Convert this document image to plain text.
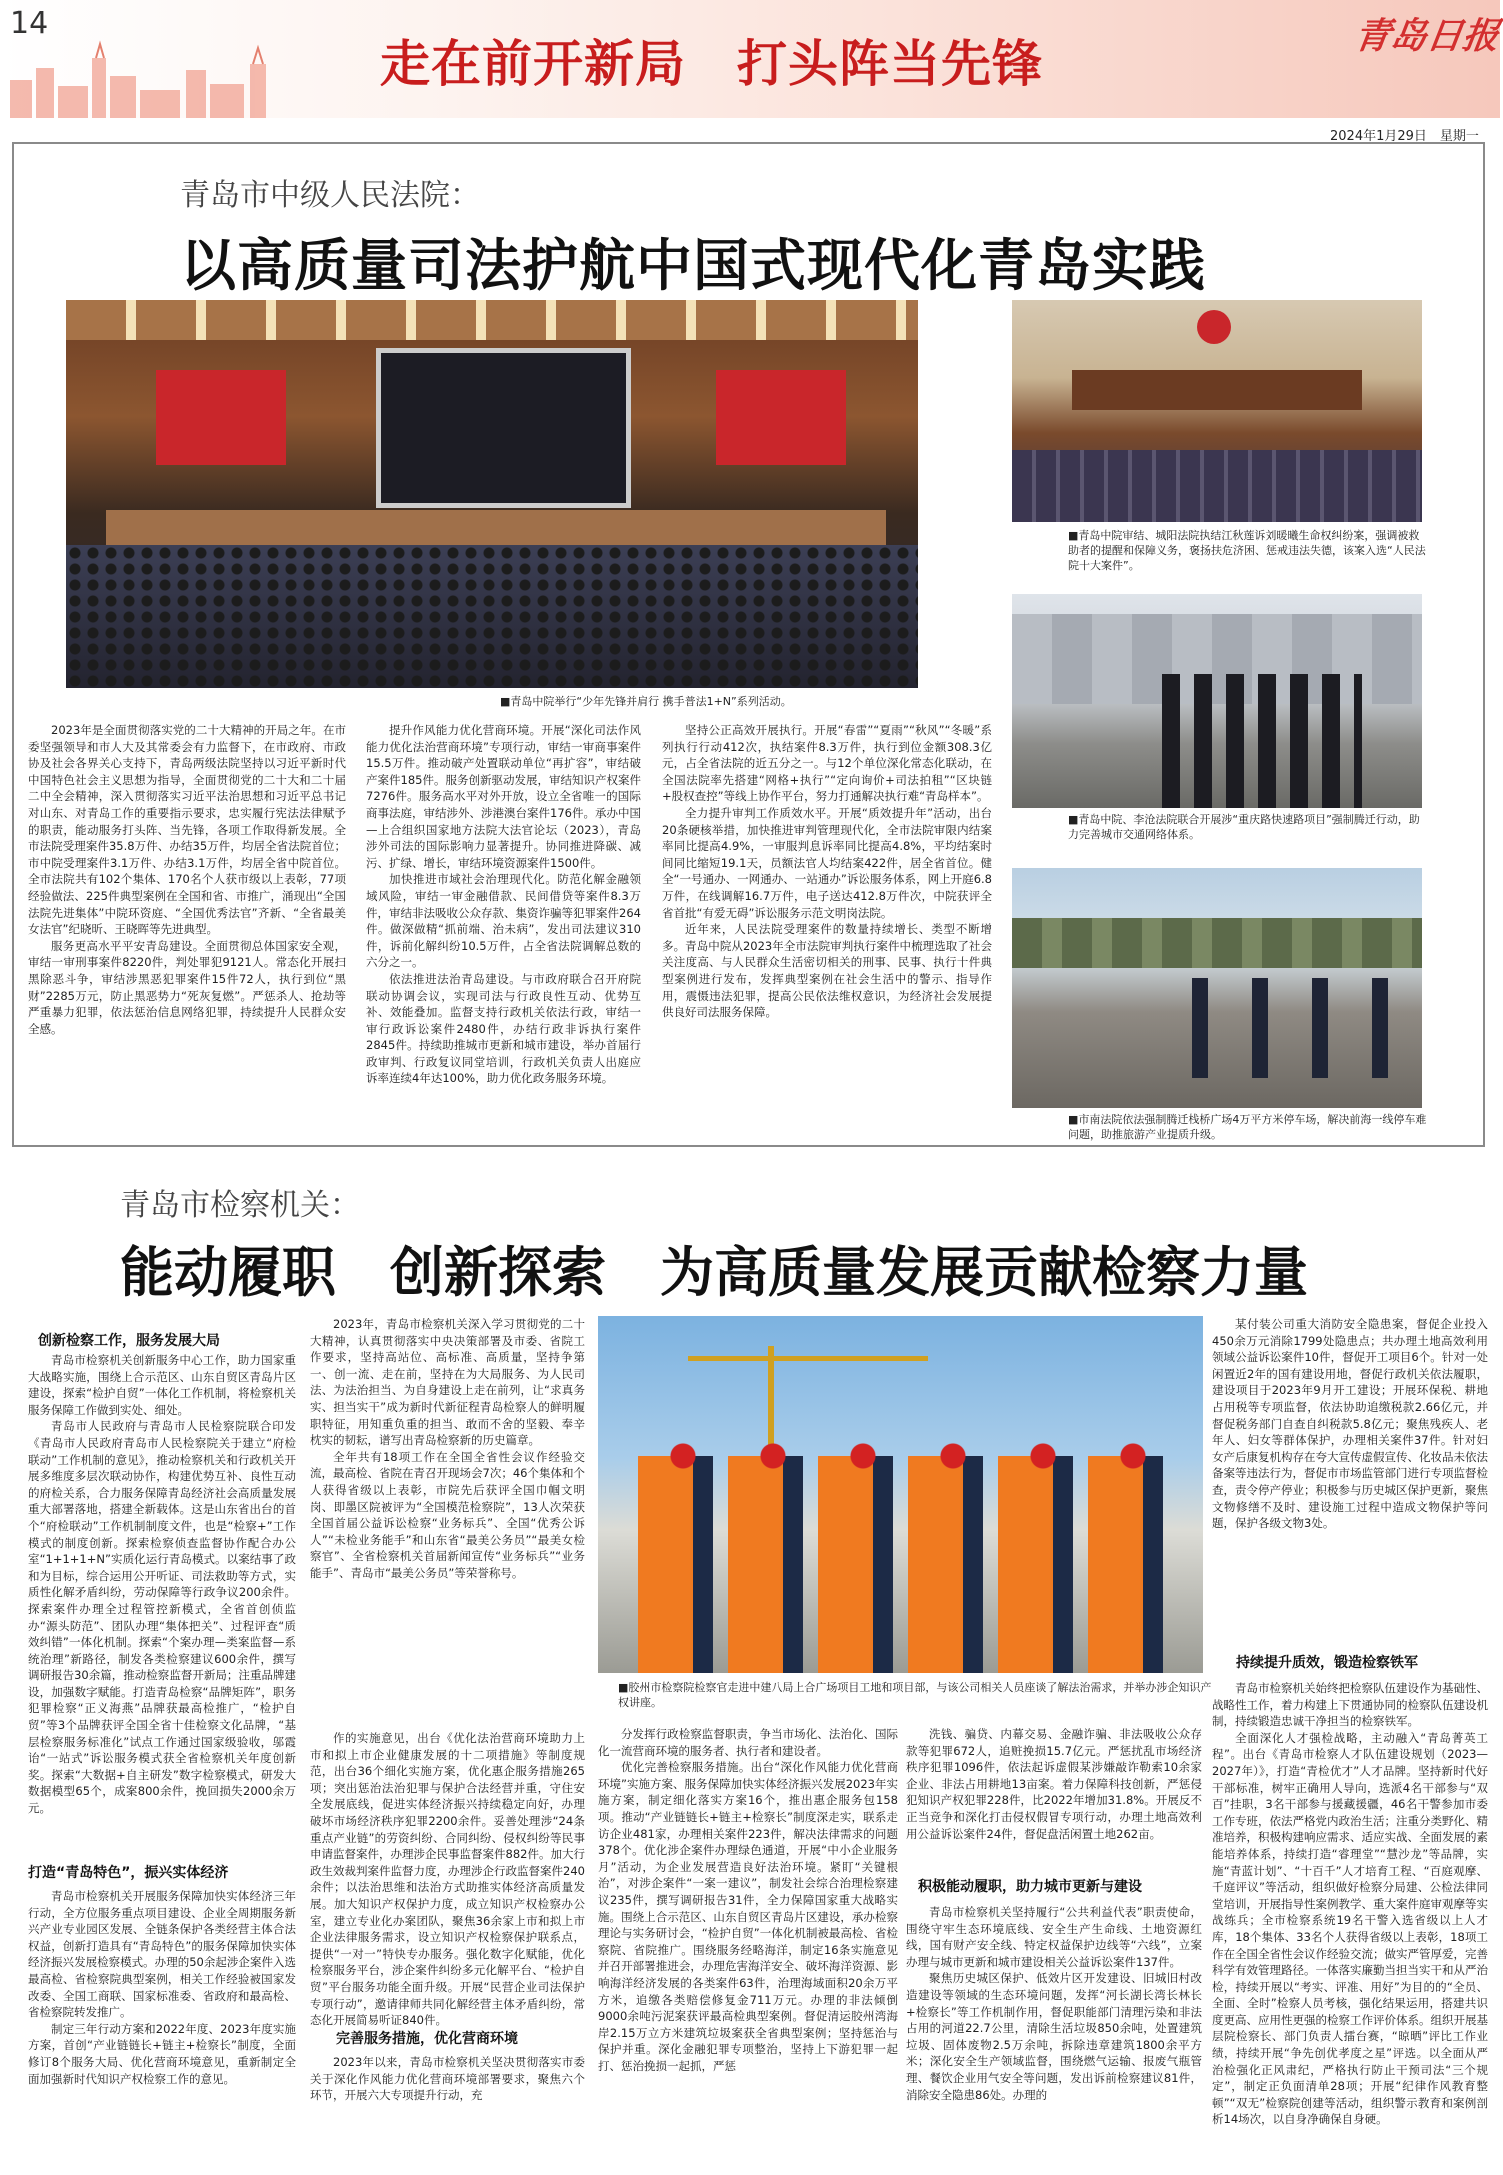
14
走在前开新局　打头阵当先锋	青岛日报
2024年1月29日　星期一
青岛市中级人民法院：
以高质量司法护航中国式现代化青岛实践
■青岛中院举行“少年先锋并肩行 携手普法1+N”系列活动。
■青岛中院审结、城阳法院执结江秋莲诉刘暖曦生命权纠纷案，强调被救助者的提醒和保障义务，褒扬扶危济困、惩戒违法失德，该案入选“人民法院十大案件”。
■青岛中院、李沧法院联合开展涉“重庆路快速路项目”强制腾迁行动，助力完善城市交通网络体系。
■市南法院依法强制腾迁栈桥广场4万平方米停车场，解决前海一线停车难问题，助推旅游产业提质升级。

2023年是全面贯彻落实党的二十大精神的开局之年。在市委坚强领导和市人大及其常委会有力监督下，在市政府、市政协及社会各界关心支持下，青岛两级法院坚持以习近平新时代中国特色社会主义思想为指导，全面贯彻党的二十大和二十届二中全会精神，深入贯彻落实习近平法治思想和习近平总书记对山东、对青岛工作的重要指示要求，忠实履行宪法法律赋予的职责，能动服务打头阵、当先锋，各项工作取得新发展。全市法院受理案件35.8万件、办结35万件，均居全省法院首位；市中院受理案件3.1万件、办结3.1万件，均居全省中院首位。全市法院共有102个集体、170名个人获市级以上表彰，77项经验做法、225件典型案例在全国和省、市推广，涌现出“全国法院先进集体”中院环资庭、“全国优秀法官”齐新、“全省最美女法官”纪晓昕、王晓晖等先进典型。

服务更高水平平安青岛建设。全面贯彻总体国家安全观，审结一审刑事案件8220件，判处罪犯9121人。常态化开展扫黑除恶斗争，审结涉黑恶犯罪案件15件72人，执行到位“黑财”2285万元，防止黑恶势力“死灰复燃”。严惩杀人、抢劫等严重暴力犯罪，依法惩治信息网络犯罪，持续提升人民群众安全感。

提升作风能力优化营商环境。开展“深化司法作风能力优化法治营商环境”专项行动，审结一审商事案件15.5万件。推动破产处置联动单位“再扩容”，审结破产案件185件。服务创新驱动发展，审结知识产权案件7276件。服务高水平对外开放，设立全省唯一的国际商事法庭，审结涉外、涉港澳台案件176件。承办中国—上合组织国家地方法院大法官论坛（2023），青岛涉外司法的国际影响力显著提升。协同推进降碳、减污、扩绿、增长，审结环境资源案件1500件。

加快推进市域社会治理现代化。防范化解金融领域风险，审结一审金融借款、民间借贷等案件8.3万件，审结非法吸收公众存款、集资诈骗等犯罪案件264件。做深做精“抓前端、治未病”，发出司法建议310件，诉前化解纠纷10.5万件，占全省法院调解总数的六分之一。

依法推进法治青岛建设。与市政府联合召开府院联动协调会议，实现司法与行政良性互动、优势互补、效能叠加。监督支持行政机关依法行政，审结一审行政诉讼案件2480件，办结行政非诉执行案件2845件。持续助推城市更新和城市建设，举办首届行政审判、行政复议同堂培训，行政机关负责人出庭应诉率连续4年达100%，助力优化政务服务环境。

坚持公正高效开展执行。开展“春雷”“夏雨”“秋风”“冬暖”系列执行行动412次，执结案件8.3万件，执行到位金额308.3亿元，占全省法院的近五分之一。与12个单位深化常态化联动，在全国法院率先搭建“网格+执行”“定向询价+司法拍租”“区块链+股权查控”等线上协作平台，努力打通解决执行难“青岛样本”。

全力提升审判工作质效水平。开展“质效提升年”活动，出台20条硬核举措，加快推进审判管理现代化，全市法院审限内结案率同比提高4.9%，一审服判息诉率同比提高4.8%，平均结案时间同比缩短19.1天，员额法官人均结案422件，居全省首位。健全“一号通办、一网通办、一站通办”诉讼服务体系，网上开庭6.8万件，在线调解16.7万件，电子送达412.8万件次，中院获评全省首批“有爱无碍”诉讼服务示范文明岗法院。

近年来，人民法院受理案件的数量持续增长、类型不断增多。青岛中院从2023年全市法院审判执行案件中梳理选取了社会关注度高、与人民群众生活密切相关的刑事、民事、执行十件典型案例进行发布，发挥典型案例在社会生活中的警示、指导作用，震慑违法犯罪，提高公民依法维权意识，为经济社会发展提供良好司法服务保障。

青岛市检察机关：
能动履职　创新探索　为高质量发展贡献检察力量
■胶州市检察院检察官走进中建八局上合广场项目工地和项目部，与该公司相关人员座谈了解法治需求，并举办涉企知识产权讲座。
创新检察工作，服务发展大局

青岛市检察机关创新服务中心工作，助力国家重大战略实施，围绕上合示范区、山东自贸区青岛片区建设，探索“检护自贸”一体化工作机制，将检察机关服务保障工作做到实处、细处。

青岛市人民政府与青岛市人民检察院联合印发《青岛市人民政府青岛市人民检察院关于建立“府检联动”工作机制的意见》，推动检察机关和行政机关开展多维度多层次联动协作，构建优势互补、良性互动的府检关系，合力服务保障青岛经济社会高质量发展重大部署落地，搭建全新载体。这是山东省出台的首个“府检联动”工作机制制度文件，也是“检察+”工作模式的制度创新。探索检察侦查监督协作配合办公室“1+1+1+N”实质化运行青岛模式。以案结事了政和为目标，综合运用公开听证、司法救助等方式，实质性化解矛盾纠纷，劳动保障等行政争议200余件。探索案件办理全过程管控新模式，全省首创侦监办“源头防范”、团队办理“集体把关”、过程评查“质效纠错”一体化机制。探索“个案办理—类案监督—系统治理”新路径，制发各类检察建议600余件，撰写调研报告30余篇，推动检察监督开新局；注重品牌建设，加强数字赋能。打造青岛检察“品牌矩阵”，职务犯罪检察“正义海燕”品牌获最高检推广，“检护自贸”等3个品牌获评全国全省十佳检察文化品牌，“基层检察服务标准化”试点工作通过国家级验收，邬霞诒“一站式”诉讼服务模式获全省检察机关年度创新奖。探索“大数据+自主研发”数字检察模式，研发大数据模型65个，成案800余件，挽回损失2000余万元。

打造“青岛特色”，振兴实体经济

青岛市检察机关开展服务保障加快实体经济三年行动，全方位服务重点项目建设、企业全周期服务新兴产业专业园区发展、全链条保护各类经营主体合法权益，创新打造具有“青岛特色”的服务保障加快实体经济振兴发展检察模式。办理的50余起涉企案件入选最高检、省检察院典型案例，相关工作经验被国家发改委、全国工商联、国家标准委、省政府和最高检、省检察院转发推广。

制定三年行动方案和2022年度、2023年度实施方案，首创“产业链链长+链主+检察长”制度，全面修订8个服务大局、优化营商环境意见，重新制定全面加强新时代知识产权检察工作的意见。

2023年，青岛市检察机关深入学习贯彻党的二十大精神，认真贯彻落实中央决策部署及市委、省院工作要求，坚持高站位、高标准、高质量，坚持争第一、创一流、走在前，坚持在为大局服务、为人民司法、为法治担当、为自身建设上走在前列，让“求真务实、担当实干”成为新时代新征程青岛检察人的鲜明履职特征，用知重负重的担当、敢而不舍的坚毅、奉辛枕实的韧耘，谱写出青岛检察新的历史篇章。

全年共有18项工作在全国全省性会议作经验交流，最高检、省院在青召开现场会7次；46个集体和个人获得省级以上表彰，市院先后获评全国巾帼文明岗、即墨区院被评为“全国模范检察院”，13人次荣获全国首届公益诉讼检察“业务标兵”、全国“优秀公诉人”“未检业务能手”和山东省“最美公务员”“最美女检察官”、全省检察机关首届新闻宣传“业务标兵”“业务能手”、青岛市“最美公务员”等荣誉称号。

作的实施意见，出台《优化法治营商环境助力上市和拟上市企业健康发展的十二项措施》等制度规范，出台36个细化实施方案，优化惠企服务措施265项；突出惩治法治犯罪与保护合法经营并重，守住安全发展底线，促进实体经济振兴持续稳定向好，办理破坏市场经济秩序犯罪2200余件。妥善处理涉“24条重点产业链”的劳资纠纷、合同纠纷、侵权纠纷等民事申请监督案件，办理涉企民事监督案件882件。加大行政生效裁判案件监督力度，办理涉企行政监督案件240余件；以法治思维和法治方式助推实体经济高质量发展。加大知识产权保护力度，成立知识产权检察办公室，建立专业化办案团队，聚焦36余家上市和拟上市企业法律服务需求，设立知识产权检察保护联系点，提供“一对一”特快专办服务。强化数字化赋能，优化检察服务平台，涉企案件纠纷多元化解平台、“检护自贸”平台服务功能全面升级。开展“民营企业司法保护专项行动”，邀请律师共同化解经营主体矛盾纠纷，常态化开展简易听证840件。

完善服务措施，优化营商环境

2023年以来，青岛市检察机关坚决贯彻落实市委关于深化作风能力优化营商环境部署要求，聚焦六个环节，开展六大专项提升行动，充

分发挥行政检察监督职责，争当市场化、法治化、国际化一流营商环境的服务者、执行者和建设者。

优化完善检察服务措施。出台“深化作风能力优化营商环境”实施方案、服务保障加快实体经济振兴发展2023年实施方案，制定细化落实方案16个，推出惠企服务包158项。推动“产业链链长+链主+检察长”制度深走实，联系走访企业481家，办理相关案件223件，解决法律需求的问题378个。优化涉企案件办理绿色通道，开展“中小企业服务月”活动，为企业发展营造良好法治环境。紧盯“关键根治”，对涉企案件“一案一建议”，制发社会综合治理检察建议235件，撰写调研报告31件，全力保障国家重大战略实施。围绕上合示范区、山东自贸区青岛片区建设，承办检察理论与实务研讨会，“检护自贸”一体化机制被最高检、省检察院、省院推广。围绕服务经略海洋，制定16条实施意见并召开部署推进会，办理危害海洋安全、破坏海洋资源、影响海洋经济发展的各类案件63件，治理海域面积20余万平方米，追缴各类赔偿修复金711万元。办理的非法倾倒9000余吨污泥案获评最高检典型案例。督促清运胶州湾海岸2.15万立方米建筑垃圾案获全省典型案例；坚持惩治与保护并重。深化金融犯罪专项整治，坚持上下游犯罪一起打、惩治挽损一起抓，严惩

洗钱、骗贷、内幕交易、金融诈骗、非法吸收公众存款等犯罪672人，追赃挽损15.7亿元。严惩扰乱市场经济秩序犯罪1096件，依法起诉虚假某涉嫌敲诈勒索10余家企业、非法占用耕地13亩案。着力保障科技创新，严惩侵犯知识产权犯罪228件，比2022年增加31.8%。开展反不正当竞争和深化打击侵权假冒专项行动，办理土地高效利用公益诉讼案件24件，督促盘活闲置土地262亩。

积极能动履职，助力城市更新与建设

青岛市检察机关坚持履行“公共利益代表”职责使命，围绕守牢生态环境底线、安全生产生命线、土地资源红线，国有财产安全线、特定权益保护边线等“六线”，立案办理与城市更新和城市建设相关公益诉讼案件137件。

聚焦历史城区保护、低效片区开发建设、旧城旧村改造建设等领域的生态环境问题，发挥“河长湖长湾长林长+检察长”等工作机制作用，督促职能部门清理污染和非法占用的河道22.7公里，清除生活垃圾850余吨，处置建筑垃圾、固体废物2.5万余吨，拆除违章建筑1800余平方米；深化安全生产领域监督，围绕燃气运输、报废气瓶管理、餐饮企业用气安全等问题，发出诉前检察建议81件，消除安全隐患86处。办理的

某付装公司重大消防安全隐患案，督促企业投入450余万元消除1799处隐患点；共办理土地高效利用领域公益诉讼案件10件，督促开工项目6个。针对一处闲置近2年的国有建设用地，督促行政机关依法履职，建设项目于2023年9月开工建设；开展环保税、耕地占用税等专项监督，依法协助追缴税款2.66亿元，并督促税务部门自查自纠税款5.8亿元；聚焦残疾人、老年人、妇女等群体保护，办理相关案件37件。针对妇女产后康复机构存在夸大宣传虚假宣传、化妆品未依法备案等违法行为，督促市市场监管部门进行专项监督检查，责令停产停业；积极参与历史城区保护更新，聚焦文物修缮不及时、建设施工过程中造成文物保护等问题，保护各级文物3处。

持续提升质效，锻造检察铁军

青岛市检察机关始终把检察队伍建设作为基础性、战略性工作，着力构建上下贯通协同的检察队伍建设机制，持续锻造忠诚干净担当的检察铁军。

全面深化人才强检战略，主动融入“青岛菁英工程”。出台《青岛市检察人才队伍建设规划（2023—2027年）》，打造“青检优才”人才品牌。坚持新时代好干部标准，树牢正确用人导向，选派4名干部参与“双百”挂职，3名干部参与援藏援疆，46名干警参加市委工作专班，依法严格党内政治生活；注重分类野化、精准培养，积极构建响应需求、适应实战、全面发展的素能培养体系，持续打造“睿理堂”“慧沙龙”等品牌，实施“青蓝计划”、“十百千”人才培育工程、“百庭观摩、千庭评议”等活动，组织做好检察分局建、公检法律同堂培训，开展指导性案例教学、重大案件庭审观摩等实战练兵；全市检察系统19名干警入选省级以上人才库，18个集体、33名个人获得省级以上表彰，18项工作在全国全省性会议作经验交流；做实严管厚爱，完善科学有效管理路径。一体落实廉勤当担当实干和从严治检，持续开展以“考实、评准、用好”为目的的“全员、全面、全时”检察人员考核，强化结果运用，搭建共识度更高、应用性更强的检察工作评价体系。组织开展基层院检察长、部门负责人擂台赛，“晾晒”评比工作业绩，持续开展“争先创优孝度之星”评选。以全面从严治检强化正风肃纪，严格执行防止干预司法“三个规定”，制定正负面清单28项；开展“纪律作风教育整顿”“双无”检察院创建等活动，组织警示教育和案例剖析14场次，以自身净确保自身硬。
